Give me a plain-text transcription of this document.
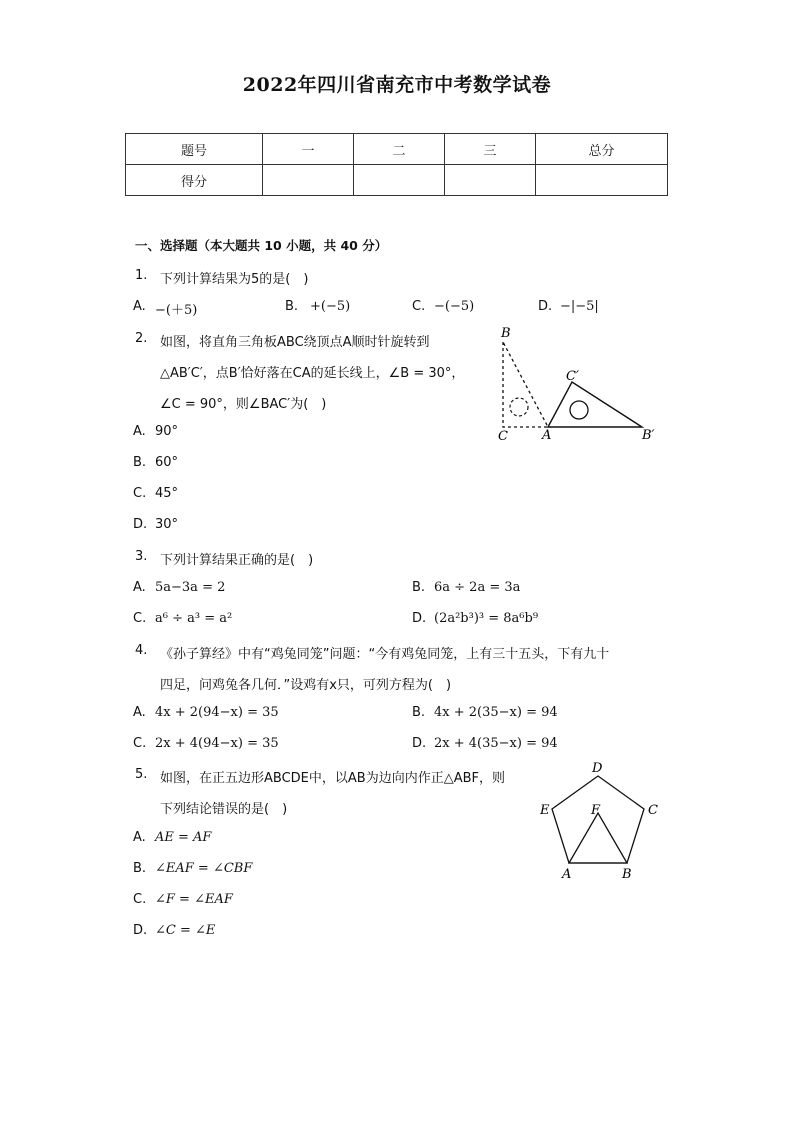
2022年四川省南充市中考数学试卷
题号	一	二	三	总分
得分				
一、选择题（本大题共 10 小题，共 40 分）
1. 下列计算结果为5的是(　)
A. −(＋5)	B. +(−5)	C. −(−5)	D. −|−5|
2. 如图，将直角三角板ABC绕顶点A顺时针旋转到
△AB′C′，点B′恰好落在CA的延长线上，∠B = 30°，
∠C = 90°，则∠BAC′为(　)
B
C′
C	A	B′
A. 90°
B. 60°
C. 45°
D. 30°
3. 下列计算结果正确的是(　)
A. 5a−3a = 2	B. 6a ÷ 2a = 3a
C. a⁶ ÷ a³ = a²	D. (2a²b³)³ = 8a⁶b⁹
4. 《孙子算经》中有“鸡兔同笼”问题：“今有鸡兔同笼，上有三十五头，下有九十
四足，问鸡兔各几何．”设鸡有x只，可列方程为(　)
A. 4x + 2(94−x) = 35	B. 4x + 2(35−x) = 94
C. 2x + 4(94−x) = 35	D. 2x + 4(35−x) = 94
5. 如图，在正五边形ABCDE中，以AB为边向内作正△ABF，则
下列结论错误的是(　)
D
E	F	C
A	B
A. AE = AF
B. ∠EAF = ∠CBF
C. ∠F = ∠EAF
D. ∠C = ∠E
